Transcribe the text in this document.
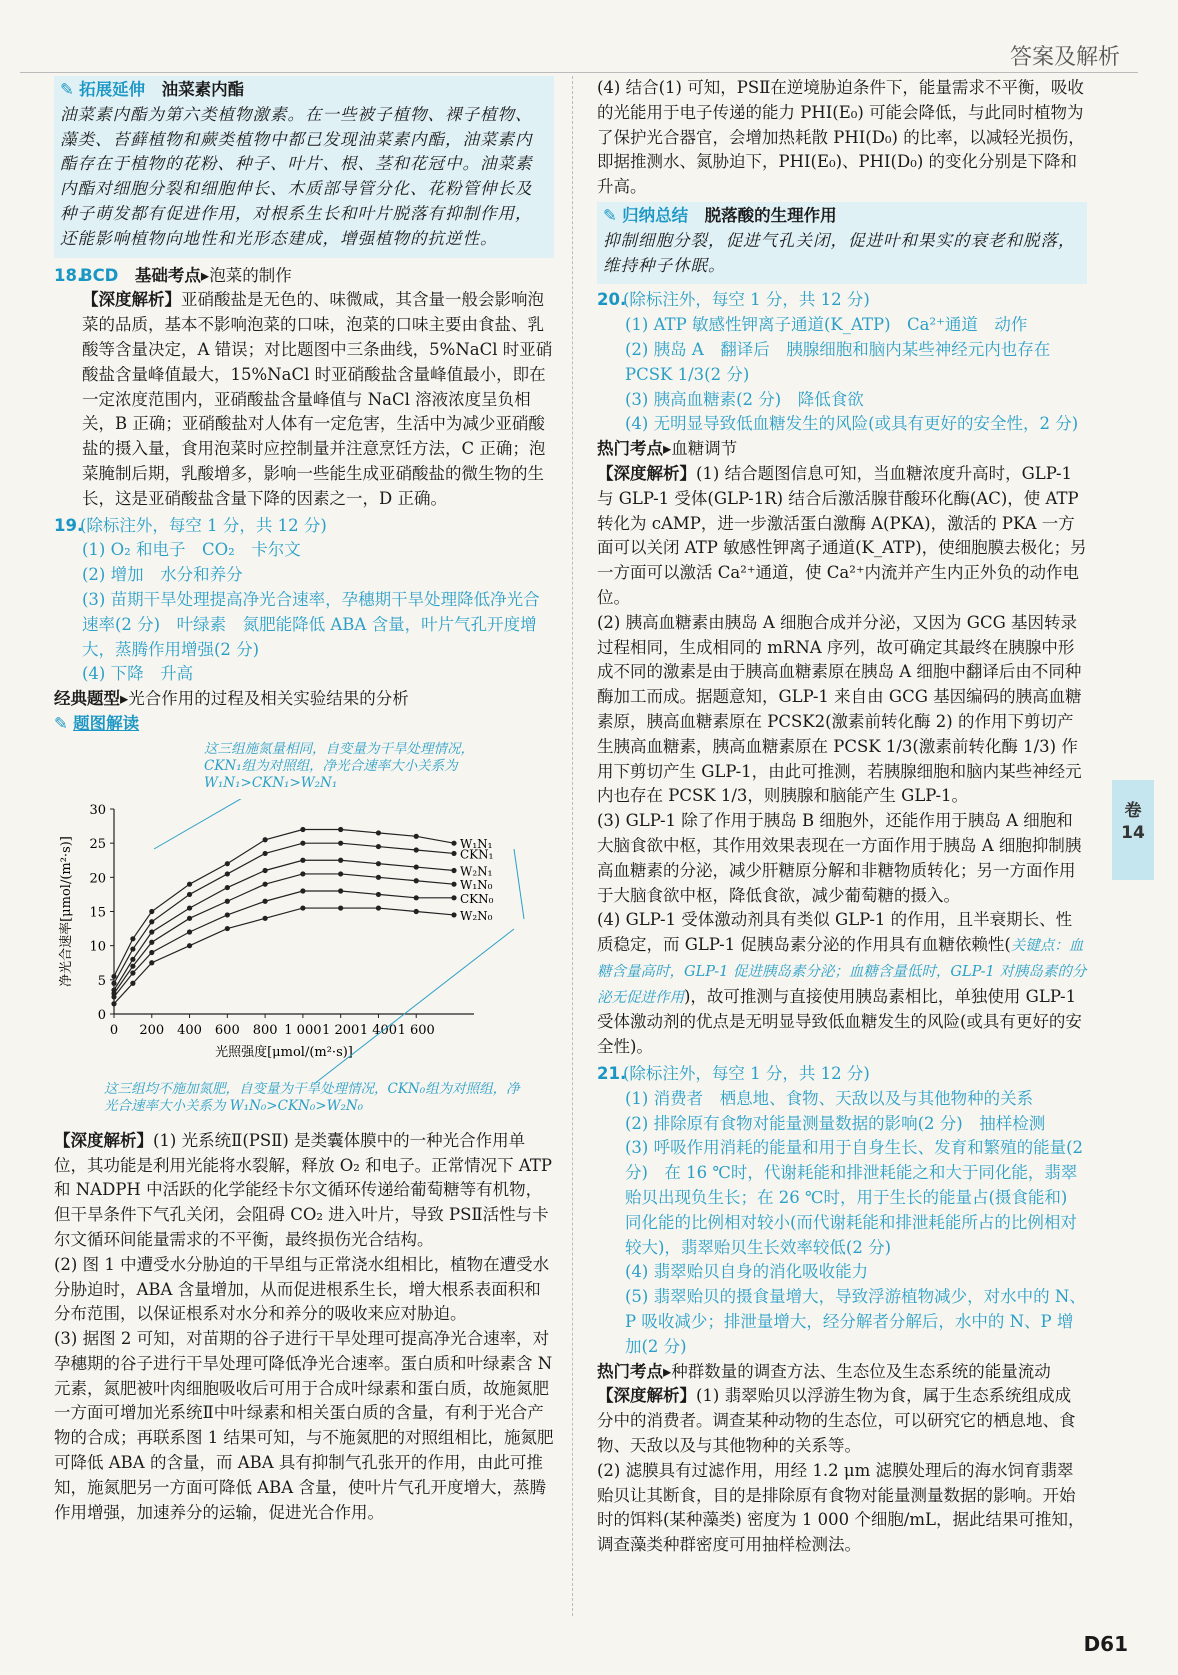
答案及解析

✎ 拓展延伸　 油菜素内酯

油菜素内酯为第六类植物激素。在一些被子植物、裸子植物、藻类、苔藓植物和蕨类植物中都已发现油菜素内酯，油菜素内酯存在于植物的花粉、种子、叶片、根、茎和花冠中。油菜素内酯对细胞分裂和细胞伸长、木质部导管分化、花粉管伸长及种子萌发都有促进作用，对根系生长和叶片脱落有抑制作用，还能影响植物向地性和光形态建成，增强植物的抗逆性。

18.BCD　 基础考点▸泡菜的制作

【深度解析】亚硝酸盐是无色的、味微咸，其含量一般会影响泡菜的品质，基本不影响泡菜的口味，泡菜的口味主要由食盐、乳酸等含量决定，A 错误；对比题图中三条曲线，5%NaCl 时亚硝酸盐含量峰值最大，15%NaCl 时亚硝酸盐含量峰值最小，即在一定浓度范围内，亚硝酸盐含量峰值与 NaCl 溶液浓度呈负相关，B 正确；亚硝酸盐对人体有一定危害，生活中为减少亚硝酸盐的摄入量，食用泡菜时应控制量并注意烹饪方法，C 正确；泡菜腌制后期，乳酸增多，影响一些能生成亚硝酸盐的微生物的生长，这是亚硝酸盐含量下降的因素之一，D 正确。

19.(除标注外，每空 1 分，共 12 分)

(1) O₂ 和电子　CO₂　卡尔文

(2) 增加　水分和养分

(3) 苗期干旱处理提高净光合速率，孕穗期干旱处理降低净光合速率(2 分)　叶绿素　氮肥能降低 ABA 含量，叶片气孔开度增大，蒸腾作用增强(2 分)

(4) 下降　升高

经典题型▸光合作用的过程及相关实验结果的分析

✎ 题图解读

这三组施氮量相同，自变量为干旱处理情况，CKN₁组为对照组，净光合速率大小关系为 W₁N₁>CKN₁>W₂N₁
0
5
10
15
20
25
30
0 200 400 600 800 1 000 1 200 1 400 1 600
光照强度[μmol/(m²·s)]
净光合速率[μmol/(m²·s)]	W₁N₁
CKN₁
W₂N₁
W₁N₀
CKN₀
W₂N₀
这三组均不施加氮肥，自变量为干旱处理情况，CKN₀组为对照组，净光合速率大小关系为 W₁N₀>CKN₀>W₂N₀

【深度解析】(1) 光系统Ⅱ(PSⅡ) 是类囊体膜中的一种光合作用单位，其功能是利用光能将水裂解，释放 O₂ 和电子。正常情况下 ATP 和 NADPH 中活跃的化学能经卡尔文循环传递给葡萄糖等有机物，但干旱条件下气孔关闭，会阻碍 CO₂ 进入叶片，导致 PSⅡ活性与卡尔文循环间能量需求的不平衡，最终损伤光合结构。

(2) 图 1 中遭受水分胁迫的干旱组与正常浇水组相比，植物在遭受水分胁迫时，ABA 含量增加，从而促进根系生长，增大根系表面积和分布范围，以保证根系对水分和养分的吸收来应对胁迫。

(3) 据图 2 可知，对苗期的谷子进行干旱处理可提高净光合速率，对孕穗期的谷子进行干旱处理可降低净光合速率。蛋白质和叶绿素含 N 元素，氮肥被叶肉细胞吸收后可用于合成叶绿素和蛋白质，故施氮肥一方面可增加光系统Ⅱ中叶绿素和相关蛋白质的含量，有利于光合产物的合成；再联系图 1 结果可知，与不施氮肥的对照组相比，施氮肥可降低 ABA 的含量，而 ABA 具有抑制气孔张开的作用，由此可推知，施氮肥另一方面可降低 ABA 含量，使叶片气孔开度增大，蒸腾作用增强，加速养分的运输，促进光合作用。

(4) 结合(1) 可知，PSⅡ在逆境胁迫条件下，能量需求不平衡，吸收的光能用于电子传递的能力 PHI(E₀) 可能会降低，与此同时植物为了保护光合器官，会增加热耗散 PHI(D₀) 的比率，以减轻光损伤，即据推测水、氮胁迫下，PHI(E₀)、PHI(D₀) 的变化分别是下降和升高。

✎ 归纳总结　 脱落酸的生理作用

抑制细胞分裂，促进气孔关闭，促进叶和果实的衰老和脱落，维持种子休眠。

20.(除标注外，每空 1 分，共 12 分)

(1) ATP 敏感性钾离子通道(K_ATP)　Ca²⁺通道　动作

(2) 胰岛 A　翻译后　胰腺细胞和脑内某些神经元内也存在 PCSK 1/3(2 分)

(3) 胰高血糖素(2 分)　降低食欲

(4) 无明显导致低血糖发生的风险(或具有更好的安全性，2 分)

热门考点▸血糖调节

【深度解析】(1) 结合题图信息可知，当血糖浓度升高时，GLP-1 与 GLP-1 受体(GLP-1R) 结合后激活腺苷酸环化酶(AC)，使 ATP 转化为 cAMP，进一步激活蛋白激酶 A(PKA)，激活的 PKA 一方面可以关闭 ATP 敏感性钾离子通道(K_ATP)，使细胞膜去极化；另一方面可以激活 Ca²⁺通道，使 Ca²⁺内流并产生内正外负的动作电位。

(2) 胰高血糖素由胰岛 A 细胞合成并分泌，又因为 GCG 基因转录过程相同，生成相同的 mRNA 序列，故可确定其最终在胰腺中形成不同的激素是由于胰高血糖素原在胰岛 A 细胞中翻译后由不同种酶加工而成。据题意知，GLP-1 来自由 GCG 基因编码的胰高血糖素原，胰高血糖素原在 PCSK2(激素前转化酶 2) 的作用下剪切产生胰高血糖素，胰高血糖素原在 PCSK 1/3(激素前转化酶 1/3) 作用下剪切产生 GLP-1，由此可推测，若胰腺细胞和脑内某些神经元内也存在 PCSK 1/3，则胰腺和脑能产生 GLP-1。

(3) GLP-1 除了作用于胰岛 B 细胞外，还能作用于胰岛 A 细胞和大脑食欲中枢，其作用效果表现在一方面作用于胰岛 A 细胞抑制胰高血糖素的分泌，减少肝糖原分解和非糖物质转化；另一方面作用于大脑食欲中枢，降低食欲，减少葡萄糖的摄入。

(4) GLP-1 受体激动剂具有类似 GLP-1 的作用，且半衰期长、性质稳定，而 GLP-1 促胰岛素分泌的作用具有血糖依赖性(关键点：血糖含量高时，GLP-1 促进胰岛素分泌；血糖含量低时，GLP-1 对胰岛素的分泌无促进作用)，故可推测与直接使用胰岛素相比，单独使用 GLP-1 受体激动剂的优点是无明显导致低血糖发生的风险(或具有更好的安全性)。

21.(除标注外，每空 1 分，共 12 分)

(1) 消费者　栖息地、食物、天敌以及与其他物种的关系

(2) 排除原有食物对能量测量数据的影响(2 分)　抽样检测

(3) 呼吸作用消耗的能量和用于自身生长、发育和繁殖的能量(2 分)　在 16 ℃时，代谢耗能和排泄耗能之和大于同化能，翡翠贻贝出现负生长；在 26 ℃时，用于生长的能量占(摄食能和) 同化能的比例相对较小(而代谢耗能和排泄耗能所占的比例相对较大)，翡翠贻贝生长效率较低(2 分)

(4) 翡翠贻贝自身的消化吸收能力

(5) 翡翠贻贝的摄食量增大，导致浮游植物减少，对水中的 N、P 吸收减少；排泄量增大，经分解者分解后，水中的 N、P 增加(2 分)

热门考点▸种群数量的调查方法、生态位及生态系统的能量流动

【深度解析】(1) 翡翠贻贝以浮游生物为食，属于生态系统组成成分中的消费者。调查某种动物的生态位，可以研究它的栖息地、食物、天敌以及与其他物种的关系等。

(2) 滤膜具有过滤作用，用经 1.2 μm 滤膜处理后的海水饲育翡翠贻贝让其断食，目的是排除原有食物对能量测量数据的影响。开始时的饵料(某种藻类) 密度为 1 000 个细胞/mL，据此结果可推知，调查藻类种群密度可用抽样检测法。

卷
14
D61
